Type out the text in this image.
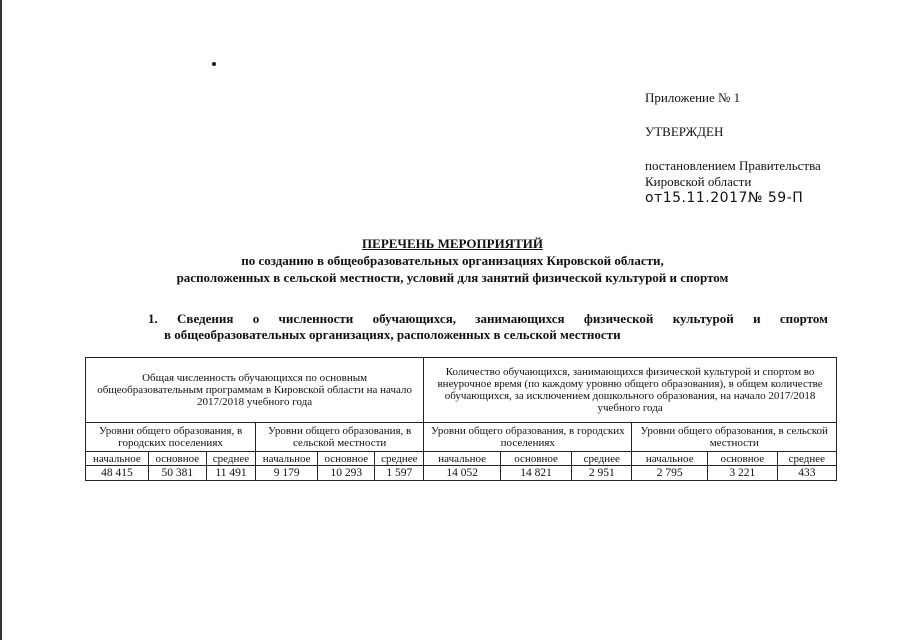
Приложение № 1
УТВЕРЖДЕН
постановлением Правительства
Кировской области
от15.11.2017№ 59-П
ПЕРЕЧЕНЬ МЕРОПРИЯТИЙ
по созданию в общеобразовательных организациях Кировской области,
расположенных в сельской местности, условий для занятий физической культурой и спортом
1. Сведения о численности обучающихся, занимающихся физической культурой и спортом
в общеобразовательных организациях, расположенных в сельской местности
Общая численность обучающихся по основным общеобразовательным программам в Кировской области на начало 2017/2018 учебного года						Количество обучающихся, занимающихся физической культурой и спортом во внеурочное время (по каждому уровню общего образования), в общем количестве обучающихся, за исключением дошкольного образования, на начало 2017/2018 учебного года					
Уровни общего образования, в городских поселениях			Уровни общего образования, в сельской местности			Уровни общего образования, в городских поселениях			Уровни общего образования, в сельской местности		
начальное	основное	среднее	начальное	основное	среднее	начальное	основное	среднее	начальное	основное	среднее
48 415	50 381	11 491	9 179	10 293	1 597	14 052	14 821	2 951	2 795	3 221	433
